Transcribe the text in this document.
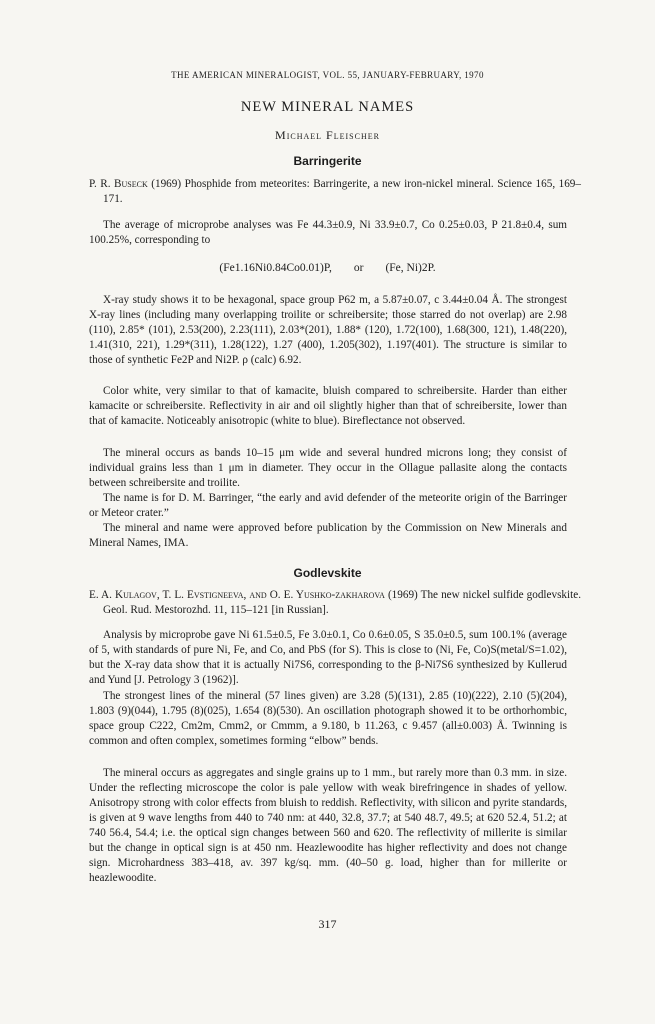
THE AMERICAN MINERALOGIST, VOL. 55, JANUARY-FEBRUARY, 1970
NEW MINERAL NAMES
Michael Fleischer
Barringerite
P. R. Buseck (1969) Phosphide from meteorites: Barringerite, a new iron-nickel mineral. Science 165, 169–171.
The average of microprobe analyses was Fe 44.3±0.9, Ni 33.9±0.7, Co 0.25±0.03, P 21.8±0.4, sum 100.25%, corresponding to
(Fe1.16Ni0.84Co0.01)P, or (Fe, Ni)2P.
X-ray study shows it to be hexagonal, space group P62 m, a 5.87±0.07, c 3.44±0.04 Å. The strongest X-ray lines (including many overlapping troilite or schreibersite; those starred do not overlap) are 2.98 (110), 2.85* (101), 2.53(200), 2.23(111), 2.03*(201), 1.88* (120), 1.72(100), 1.68(300, 121), 1.48(220), 1.41(310, 221), 1.29*(311), 1.28(122), 1.27 (400), 1.205(302), 1.197(401). The structure is similar to those of synthetic Fe2P and Ni2P. ρ (calc) 6.92.
Color white, very similar to that of kamacite, bluish compared to schreibersite. Harder than either kamacite or schreibersite. Reflectivity in air and oil slightly higher than that of schreibersite, lower than that of kamacite. Noticeably anisotropic (white to blue). Bireflectance not observed.
The mineral occurs as bands 10–15 μm wide and several hundred microns long; they consist of individual grains less than 1 μm in diameter. They occur in the Ollague pallasite along the contacts between schreibersite and troilite.
The name is for D. M. Barringer, “the early and avid defender of the meteorite origin of the Barringer or Meteor crater.”
The mineral and name were approved before publication by the Commission on New Minerals and Mineral Names, IMA.
Godlevskite
E. A. Kulagov, T. L. Evstigneeva, and O. E. Yushko-zakharova (1969) The new nickel sulfide godlevskite. Geol. Rud. Mestorozhd. 11, 115–121 [in Russian].
Analysis by microprobe gave Ni 61.5±0.5, Fe 3.0±0.1, Co 0.6±0.05, S 35.0±0.5, sum 100.1% (average of 5, with standards of pure Ni, Fe, and Co, and PbS (for S). This is close to (Ni, Fe, Co)S(metal/S=1.02), but the X-ray data show that it is actually Ni7S6, corresponding to the β-Ni7S6 synthesized by Kullerud and Yund [J. Petrology 3 (1962)].
The strongest lines of the mineral (57 lines given) are 3.28 (5)(131), 2.85 (10)(222), 2.10 (5)(204), 1.803 (9)(044), 1.795 (8)(025), 1.654 (8)(530). An oscillation photograph showed it to be orthorhombic, space group C222, Cm2m, Cmm2, or Cmmm, a 9.180, b 11.263, c 9.457 (all±0.003) Å. Twinning is common and often complex, sometimes forming “elbow” bends.
The mineral occurs as aggregates and single grains up to 1 mm., but rarely more than 0.3 mm. in size. Under the reflecting microscope the color is pale yellow with weak birefringence in shades of yellow. Anisotropy strong with color effects from bluish to reddish. Reflectivity, with silicon and pyrite standards, is given at 9 wave lengths from 440 to 740 nm: at 440, 32.8, 37.7; at 540 48.7, 49.5; at 620 52.4, 51.2; at 740 56.4, 54.4; i.e. the optical sign changes between 560 and 620. The reflectivity of millerite is similar but the change in optical sign is at 450 nm. Heazlewoodite has higher reflectivity and does not change sign. Microhardness 383–418, av. 397 kg/sq. mm. (40–50 g. load, higher than for millerite or heazlewoodite.
317
